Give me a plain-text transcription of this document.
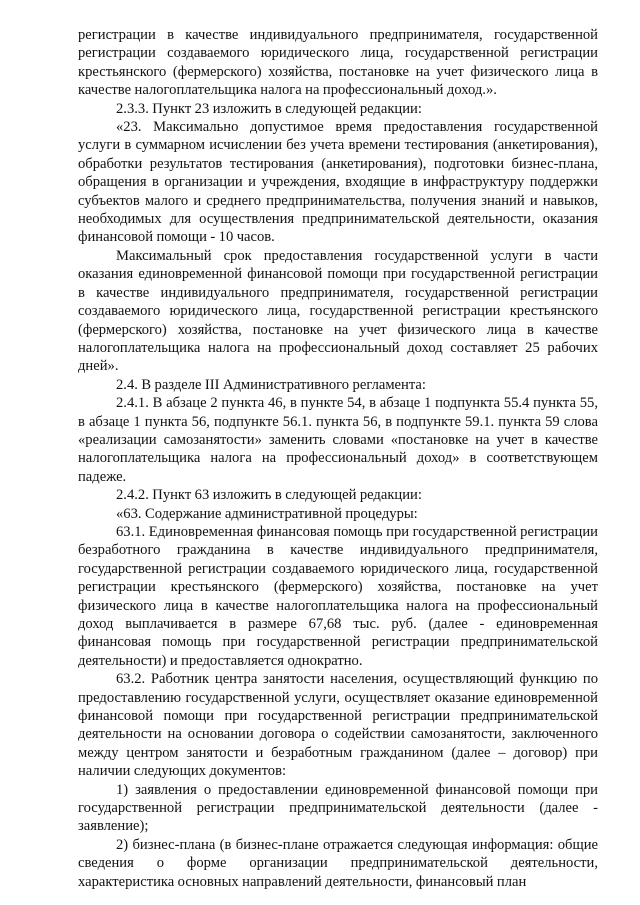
регистрации в качестве индивидуального предпринимателя, государственной регистрации создаваемого юридического лица, государственной регистрации крестьянского (фермерского) хозяйства, постановке на учет физического лица в качестве налогоплательщика налога на профессиональный доход.».

2.3.3. Пункт 23 изложить в следующей редакции:

«23. Максимально допустимое время предоставления государственной услуги в суммарном исчислении без учета времени тестирования (анкетирования), обработки результатов тестирования (анкетирования), подготовки бизнес-плана, обращения в организации и учреждения, входящие в инфраструктуру поддержки субъектов малого и среднего предпринимательства, получения знаний и навыков, необходимых для осуществления предпринимательской деятельности, оказания финансовой помощи - 10 часов.

Максимальный срок предоставления государственной услуги в части оказания единовременной финансовой помощи при государственной регистрации в качестве индивидуального предпринимателя, государственной регистрации создаваемого юридического лица, государственной регистрации крестьянского (фермерского) хозяйства, постановке на учет физического лица в качестве налогоплательщика налога на профессиональный доход составляет 25 рабочих дней».

2.4. В разделе III Административного регламента:

2.4.1. В абзаце 2 пункта 46, в пункте 54, в абзаце 1 подпункта 55.4 пункта 55, в абзаце 1 пункта 56, подпункте 56.1. пункта 56, в подпункте 59.1. пункта 59 слова «реализации самозанятости» заменить словами «постановке на учет в качестве налогоплательщика налога на профессиональный доход» в соответствующем падеже.

2.4.2. Пункт 63 изложить в следующей редакции:

«63. Содержание административной процедуры:

63.1. Единовременная финансовая помощь при государственной регистрации безработного гражданина в качестве индивидуального предпринимателя, государственной регистрации создаваемого юридического лица, государственной регистрации крестьянского (фермерского) хозяйства, постановке на учет физического лица в качестве налогоплательщика налога на профессиональный доход выплачивается в размере 67,68 тыс. руб. (далее - единовременная финансовая помощь при государственной регистрации предпринимательской деятельности) и предоставляется однократно.

63.2. Работник центра занятости населения, осуществляющий функцию по предоставлению государственной услуги, осуществляет оказание единовременной финансовой помощи при государственной регистрации предпринимательской деятельности на основании договора о содействии самозанятости, заключенного между центром занятости и безработным гражданином (далее – договор) при наличии следующих документов:

1) заявления о предоставлении единовременной финансовой помощи при государственной регистрации предпринимательской деятельности (далее - заявление);

2) бизнес-плана (в бизнес-плане отражается следующая информация: общие сведения о форме организации предпринимательской деятельности, характеристика основных направлений деятельности, финансовый план
